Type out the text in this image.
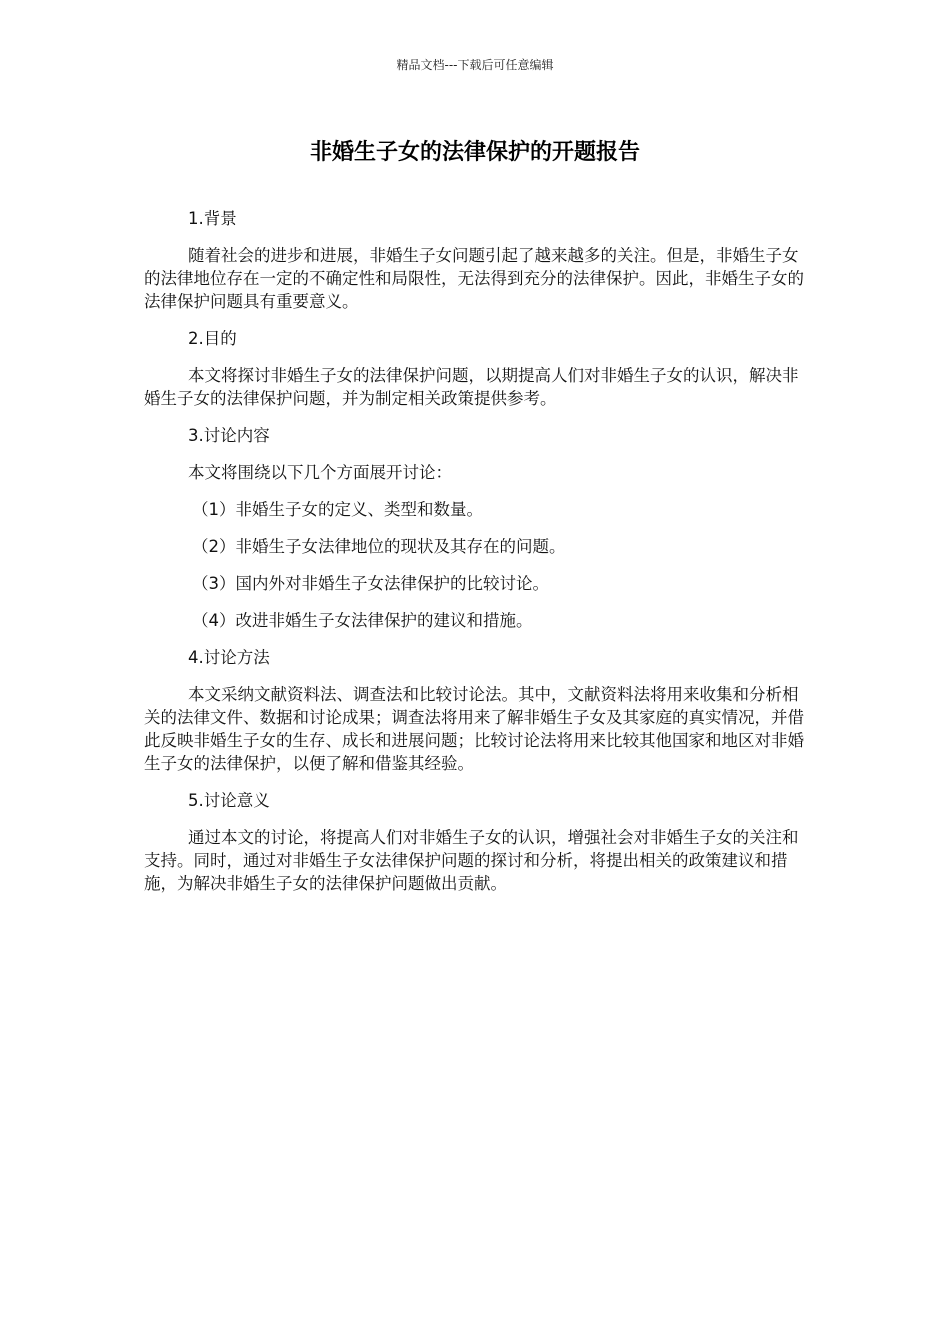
精品文档---下载后可任意编辑
非婚生子女的法律保护的开题报告

1.背景

随着社会的进步和进展，非婚生子女问题引起了越来越多的关注。但是，非婚生子女的法律地位存在一定的不确定性和局限性，无法得到充分的法律保护。因此，非婚生子女的法律保护问题具有重要意义。

2.目的

本文将探讨非婚生子女的法律保护问题，以期提高人们对非婚生子女的认识，解决非婚生子女的法律保护问题，并为制定相关政策提供参考。

3.讨论内容

本文将围绕以下几个方面展开讨论：

（1）非婚生子女的定义、类型和数量。

（2）非婚生子女法律地位的现状及其存在的问题。

（3）国内外对非婚生子女法律保护的比较讨论。

（4）改进非婚生子女法律保护的建议和措施。

4.讨论方法

本文采纳文献资料法、调查法和比较讨论法。其中，文献资料法将用来收集和分析相关的法律文件、数据和讨论成果；调查法将用来了解非婚生子女及其家庭的真实情况，并借此反映非婚生子女的生存、成长和进展问题；比较讨论法将用来比较其他国家和地区对非婚生子女的法律保护，以便了解和借鉴其经验。

5.讨论意义

通过本文的讨论，将提高人们对非婚生子女的认识，增强社会对非婚生子女的关注和支持。同时，通过对非婚生子女法律保护问题的探讨和分析，将提出相关的政策建议和措施，为解决非婚生子女的法律保护问题做出贡献。
